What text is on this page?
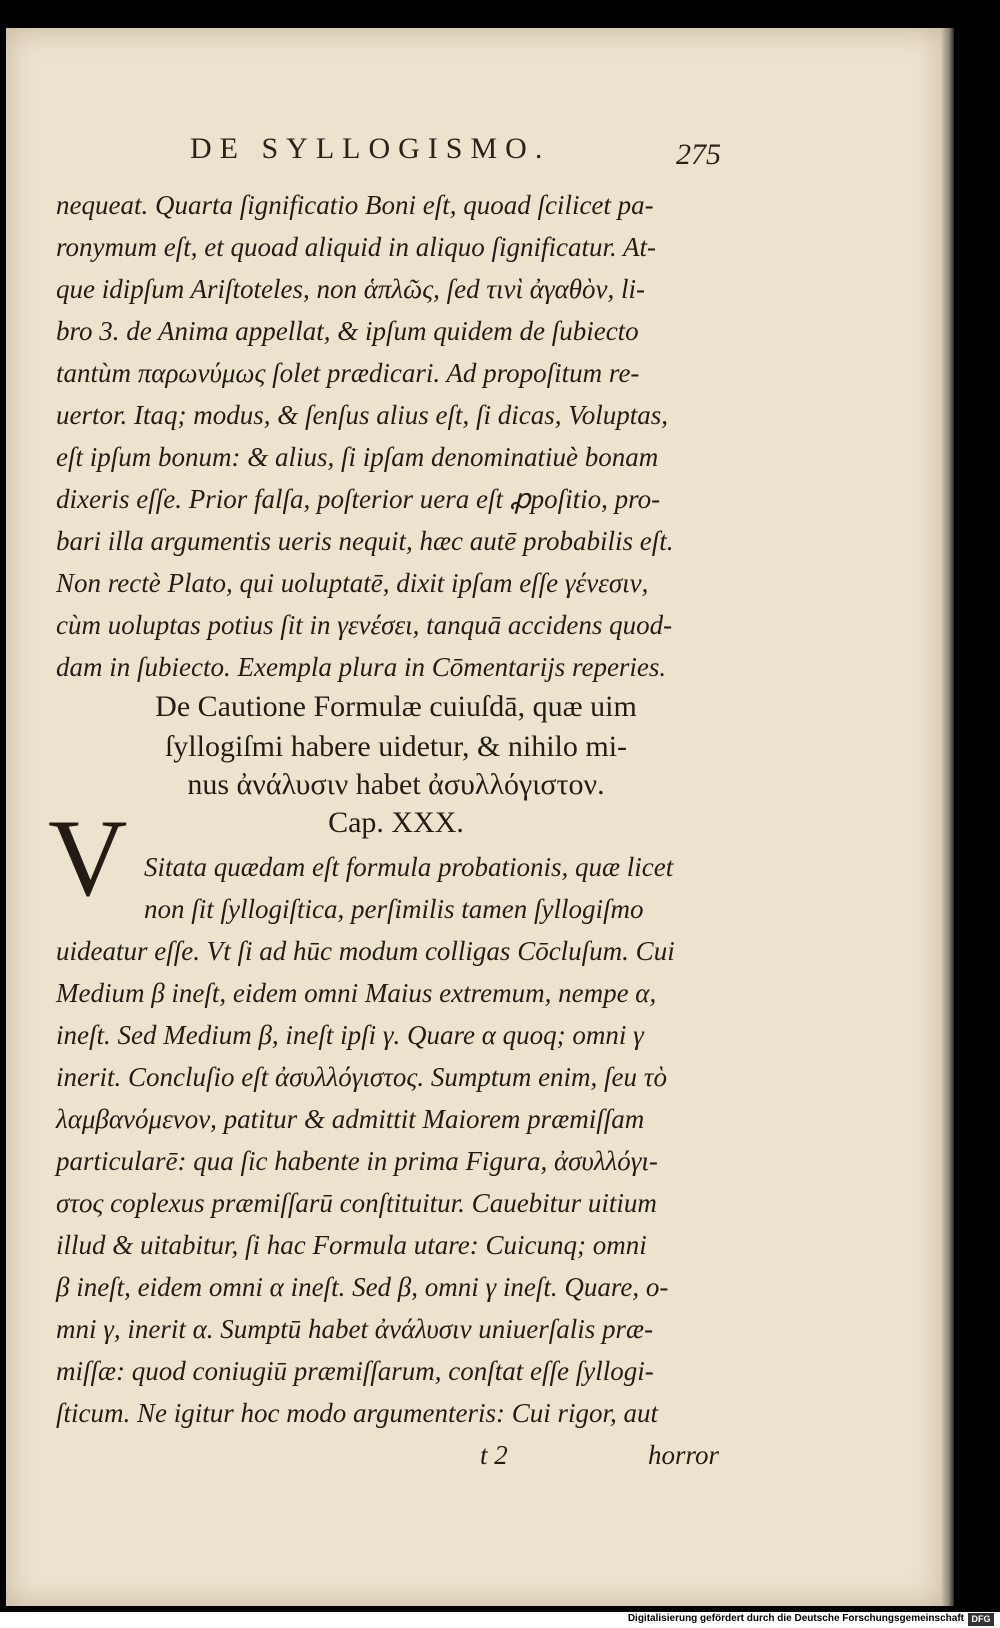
DE SYLLOGISMO.	275
nequeat. Quarta ſignificatio Boni eſt, quoad ſcilicet pa-
ronymum eſt, et quoad aliquid in aliquo ſignificatur. At-
que idipſum Ariſtoteles, non ἁπλῶς, ſed τινὶ ἀγαθὸν, li-
bro 3. de Anima appellat, & ipſum quidem de ſubiecto
tantùm παρωνύμως ſolet prædicari. Ad propoſitum re-
uertor. Itaq; modus, & ſenſus alius eſt, ſi dicas, Voluptas,
eſt ipſum bonum: & alius, ſi ipſam denominatiuè bonam
dixeris eſſe. Prior falſa, poſterior uera eſt ꝓpoſitio, pro-
bari illa argumentis ueris nequit, hæc autē probabilis eſt.
Non rectè Plato, qui uoluptatē, dixit ipſam eſſe γένεσιν,
cùm uoluptas potius ſit in γενέσει, tanquā accidens quod-
dam in ſubiecto. Exempla plura in Cōmentarijs reperies.
De Cautione Formulæ cuiuſdā, quæ uim
ſyllogiſmi habere uidetur, & nihilo mi-
nus ἀνάλυσιν habet ἀσυλλόγιστον.
Cap. XXX.
V Sitata quædam eſt formula probationis, quæ licet
non ſit ſyllogiſtica, perſimilis tamen ſyllogiſmo
uideatur eſſe. Vt ſi ad hūc modum colligas Cōcluſum. Cui
Medium β ineſt, eidem omni Maius extremum, nempe α,
ineſt. Sed Medium β, ineſt ipſi γ. Quare α quoq; omni γ
inerit. Concluſio eſt ἀσυλλόγιστος. Sumptum enim, ſeu τὸ
λαμβανόμενον, patitur & admittit Maiorem præmiſſam
particularē: qua ſic habente in prima Figura, ἀσυλλόγι-
στος coplexus præmiſſarū conſtituitur. Cauebitur uitium
illud & uitabitur, ſi hac Formula utare: Cuicunq; omni
β ineſt, eidem omni α ineſt. Sed β, omni γ ineſt. Quare, o-
mni γ, inerit α. Sumptū habet ἀνάλυσιν uniuerſalis præ-
miſſæ: quod coniugiū præmiſſarum, conſtat eſſe ſyllogi-
ſticum. Ne igitur hoc modo argumenteris: Cui rigor, aut
t 2	horror
Digitalisierung gefördert durch die Deutsche Forschungsgemeinschaft DFG
